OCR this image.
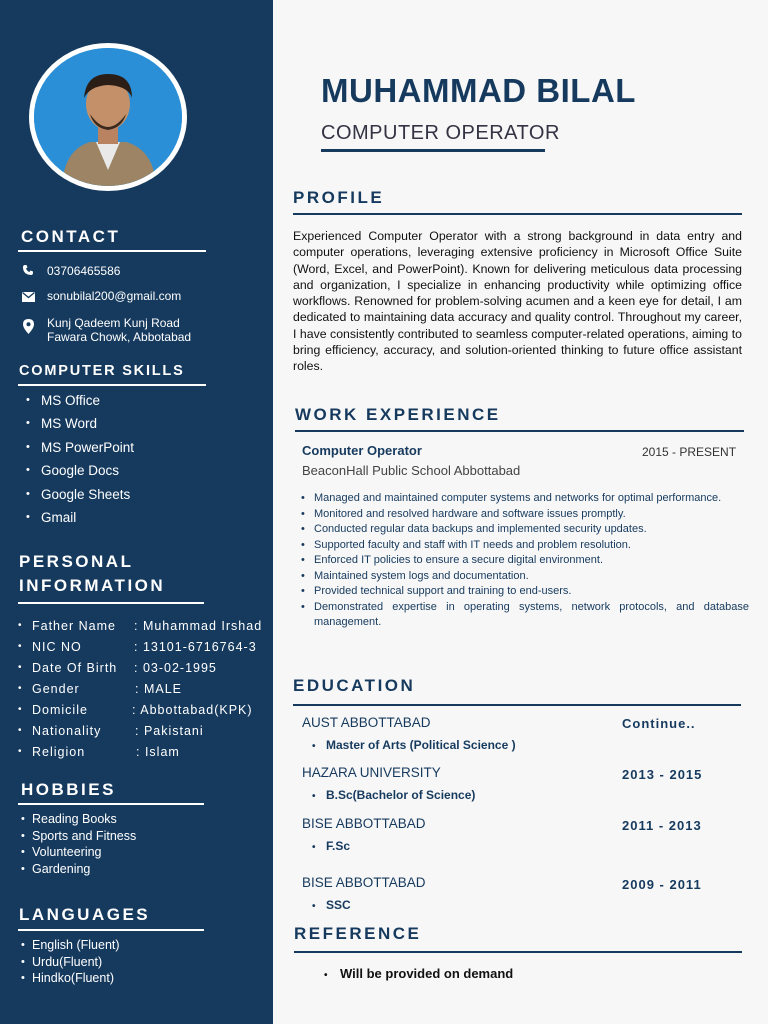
CONTACT
03706465586
sonubilal200@gmail.com
Kunj Qadeem Kunj Road
Fawara Chowk, Abbotabad
COMPUTER SKILLS
• MS Office
• MS Word
• MS PowerPoint
• Google Docs
• Google Sheets
• Gmail
PERSONAL
INFORMATION
• Father Name : Muhammad Irshad
• NIC NO	: 13101-6716764-3
• Date Of Birth : 03-02-1995
• Gender	: MALE
• Domicile	: Abbottabad(KPK)
• Nationality	: Pakistani
• Religion	: Islam
HOBBIES
• Reading Books
• Sports and Fitness
• Volunteering
• Gardening
LANGUAGES
• English (Fluent)
• Urdu(Fluent)
• Hindko(Fluent)
MUHAMMAD BILAL
COMPUTER OPERATOR
PROFILE

Experienced Computer Operator with a strong background in data entry and computer operations, leveraging extensive proficiency in Microsoft Office Suite (Word, Excel, and PowerPoint). Known for delivering meticulous data processing and organization, I specialize in enhancing productivity while optimizing office workflows. Renowned for problem-solving acumen and a keen eye for detail, I am dedicated to maintaining data accuracy and quality control. Throughout my career, I have consistently contributed to seamless computer-related operations, aiming to bring efficiency, accuracy, and solution-oriented thinking to future office assistant roles.

WORK EXPERIENCE
Computer Operator	2015 - PRESENT
BeaconHall Public School Abbottabad
• Managed and maintained computer systems and networks for optimal performance.
• Monitored and resolved hardware and software issues promptly.
• Conducted regular data backups and implemented security updates.
• Supported faculty and staff with IT needs and problem resolution.
• Enforced IT policies to ensure a secure digital environment.
• Maintained system logs and documentation.
• Provided technical support and training to end-users.
• Demonstrated expertise in operating systems, network protocols, and database management.
EDUCATION
AUST ABBOTTABAD	Continue..
• Master of Arts (Political Science )
HAZARA UNIVERSITY	2013 - 2015
• B.Sc(Bachelor of Science)
BISE ABBOTTABAD	2011 - 2013
• F.Sc
BISE ABBOTTABAD	2009 - 2011
• SSC
REFERENCE
• Will be provided on demand
